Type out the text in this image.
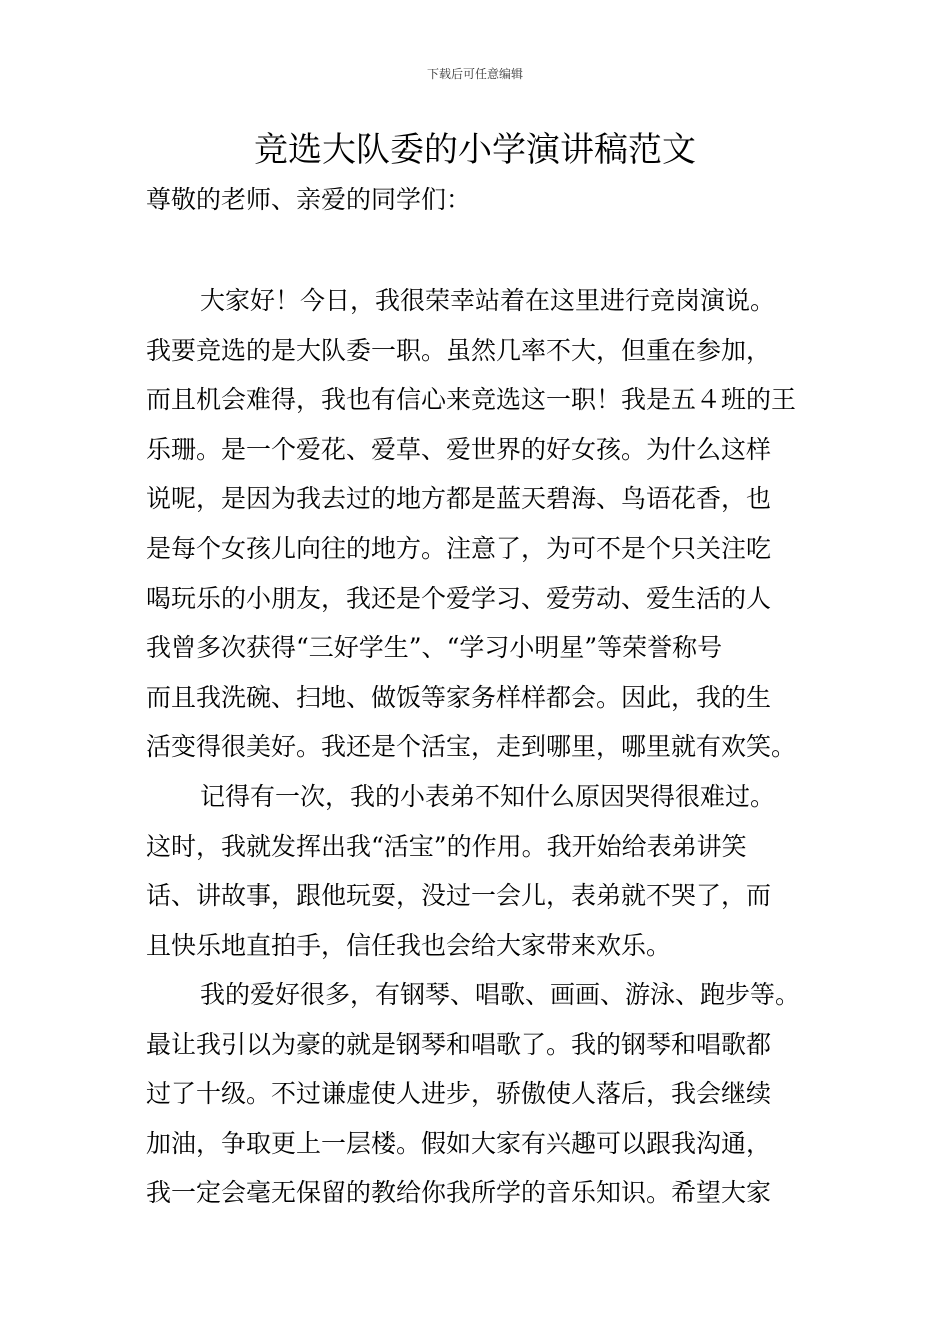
下载后可任意编辑
竞选大队委的小学演讲稿范文
尊敬的老师、亲爱的同学们：
大家好！今日，我很荣幸站着在这里进行竞岗演说。
我要竞选的是大队委一职。虽然几率不大，但重在参加，
而且机会难得，我也有信心来竞选这一职！我是五４班的王
乐珊。是一个爱花、爱草、爱世界的好女孩。为什么这样
说呢，是因为我去过的地方都是蓝天碧海、鸟语花香，也
是每个女孩儿向往的地方。注意了，为可不是个只关注吃
喝玩乐的小朋友，我还是个爱学习、爱劳动、爱生活的人
我曾多次获得“三好学生”、“学习小明星”等荣誉称号
而且我洗碗、扫地、做饭等家务样样都会。因此，我的生
活变得很美好。我还是个活宝，走到哪里，哪里就有欢笑。
记得有一次，我的小表弟不知什么原因哭得很难过。
这时，我就发挥出我“活宝”的作用。我开始给表弟讲笑
话、讲故事，跟他玩耍，没过一会儿，表弟就不哭了，而
且快乐地直拍手，信任我也会给大家带来欢乐。
我的爱好很多，有钢琴、唱歌、画画、游泳、跑步等。
最让我引以为豪的就是钢琴和唱歌了。我的钢琴和唱歌都
过了十级。不过谦虚使人进步，骄傲使人落后，我会继续
加油，争取更上一层楼。假如大家有兴趣可以跟我沟通，
我一定会毫无保留的教给你我所学的音乐知识。希望大家
